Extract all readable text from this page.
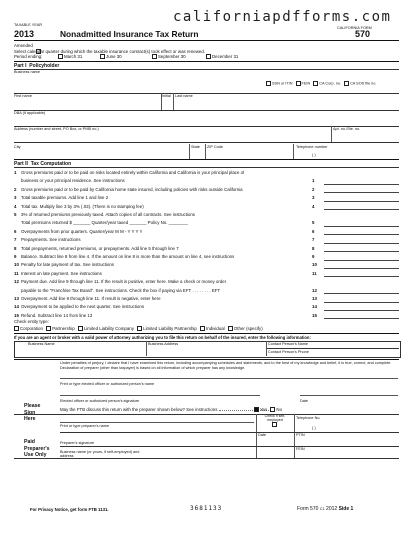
TAXABLE YEAR
2013	Nonadmitted Insurance Tax Return
CALIFORNIA FORM
570
californiapdfforms.com
Amended
Select calendar quarter during which the taxable insurance contract(s) took effect or was renewed.
Period ending:	March 31	June 30	September 30	December 31
Part I Policyholder
Business name
SSN or ITIN FEIN CA Corp. no. CA SOS file no.
First name	Initial Last name
DBA (if applicable)
Address (number and street, PO Box, or PMB no.)	Apt. no./Ste. no.
City	State ZIP Code	Telephone number
( )
Part II Tax Computation
1 Gross premiums paid or to be paid on risks located entirely within California and California is your principal place of
business or your principal residence. See instructions	1
2 Gross premiums paid or to be paid by California home state insured, including policies with risks outside California	2
3 Total taxable premiums. Add line 1 and line 2	3
4 Total tax. Multiply line 3 by 3% (.03). (There is no stamping fee)	4
5 3% of returned premiums previously taxed. Attach copies of all contracts. See instructions
Total premiums returned $ _______ Quarter/year taxed _______ Policy No. ________	5
6 Overpayments from prior quarters. Quarter/year M M - Y Y Y Y	6
7 Prepayments. See instructions	7
8 Total prepayments, returned premiums, or prepayments. Add line 5 through line 7	8
9 Balance. Subtract line 8 from line 4. If the amount on line 8 is more than the amount on line 4, see instructions	9
10 Penalty for late payment of tax. See instructions	10
11 Interest on late payment. See instructions	11
12 Payment due. Add line 9 through line 11. If the result is positive, enter here. Make a check or money order
payable to the "Franchise Tax Board". See instructions. Check the box if paying via EFT . . . . . . . . EFT	12
13 Overpayment. Add line 9 through line 11. If result is negative, enter here	13
14 Overpayment to be applied to the next quarter. See instructions	14
15 Refund. Subtract line 14 from line 13	15
Check entity type:
Corporation Partnership Limited Liability Company Limited Liability Partnership Individual Other (specify)
If you are an agent or broker with a valid power of attorney authorizing you to file this return on behalf of the insured, enter the following information:
Business Name	Business Address	Contact Person's Name
Contact Person's Phone
Under penalties of perjury, I declare that I have examined this return, including accompanying schedules and statements, and to the best of my knowledge and belief, it is true, correct, and complete. Declaration of preparer (other than taxpayer) is based on all information of which preparer has any knowledge.
Please
Sign
Here
Print or type elected officer or authorized person's name
Elected officer or authorized person's signature	Date
May the FTB discuss this return with the preparer shown below? See instructions	Yes No
Paid
Preparer's
Use Only
Print or type preparer's name
Check if self-employed
Telephone No.
( )
Date	PTIN
Preparer's signature
FEIN
Business name (or yours, if self-employed) and address
For Privacy Notice, get form FTB 1131.	3681133	Form 570 C1 2012 Side 1
